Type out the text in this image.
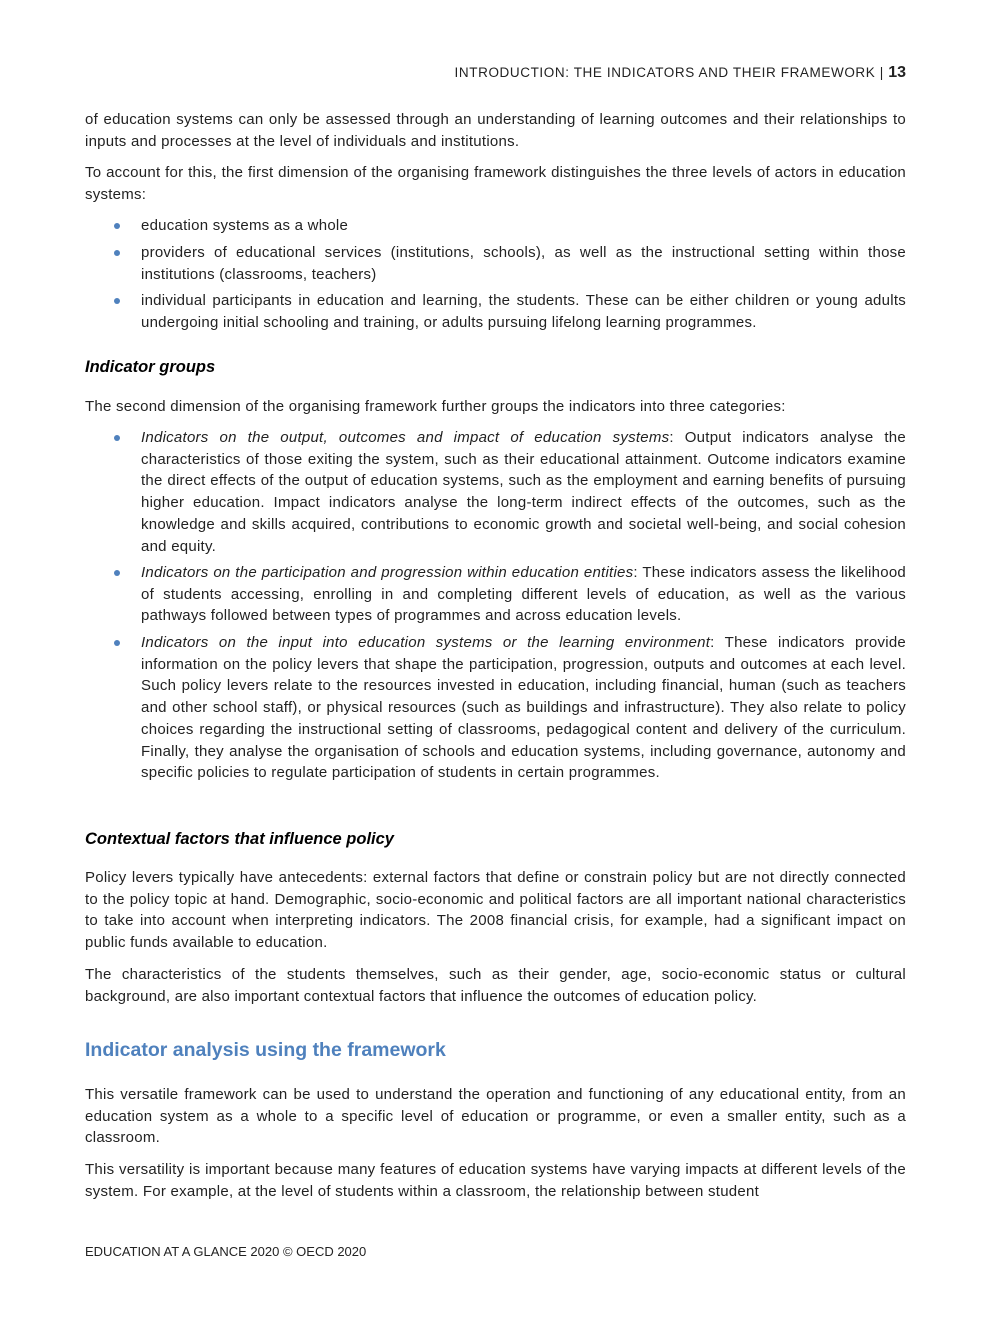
INTRODUCTION: THE INDICATORS AND THEIR FRAMEWORK | 13
of education systems can only be assessed through an understanding of learning outcomes and their relationships to inputs and processes at the level of individuals and institutions.
To account for this, the first dimension of the organising framework distinguishes the three levels of actors in education systems:
education systems as a whole
providers of educational services (institutions, schools), as well as the instructional setting within those institutions (classrooms, teachers)
individual participants in education and learning, the students. These can be either children or young adults undergoing initial schooling and training, or adults pursuing lifelong learning programmes.
Indicator groups
The second dimension of the organising framework further groups the indicators into three categories:
Indicators on the output, outcomes and impact of education systems: Output indicators analyse the characteristics of those exiting the system, such as their educational attainment. Outcome indicators examine the direct effects of the output of education systems, such as the employment and earning benefits of pursuing higher education. Impact indicators analyse the long-term indirect effects of the outcomes, such as the knowledge and skills acquired, contributions to economic growth and societal well-being, and social cohesion and equity.
Indicators on the participation and progression within education entities: These indicators assess the likelihood of students accessing, enrolling in and completing different levels of education, as well as the various pathways followed between types of programmes and across education levels.
Indicators on the input into education systems or the learning environment: These indicators provide information on the policy levers that shape the participation, progression, outputs and outcomes at each level. Such policy levers relate to the resources invested in education, including financial, human (such as teachers and other school staff), or physical resources (such as buildings and infrastructure). They also relate to policy choices regarding the instructional setting of classrooms, pedagogical content and delivery of the curriculum. Finally, they analyse the organisation of schools and education systems, including governance, autonomy and specific policies to regulate participation of students in certain programmes.
Contextual factors that influence policy
Policy levers typically have antecedents: external factors that define or constrain policy but are not directly connected to the policy topic at hand. Demographic, socio-economic and political factors are all important national characteristics to take into account when interpreting indicators. The 2008 financial crisis, for example, had a significant impact on public funds available to education.
The characteristics of the students themselves, such as their gender, age, socio-economic status or cultural background, are also important contextual factors that influence the outcomes of education policy.
Indicator analysis using the framework
This versatile framework can be used to understand the operation and functioning of any educational entity, from an education system as a whole to a specific level of education or programme, or even a smaller entity, such as a classroom.
This versatility is important because many features of education systems have varying impacts at different levels of the system. For example, at the level of students within a classroom, the relationship between student
EDUCATION AT A GLANCE 2020 © OECD 2020
